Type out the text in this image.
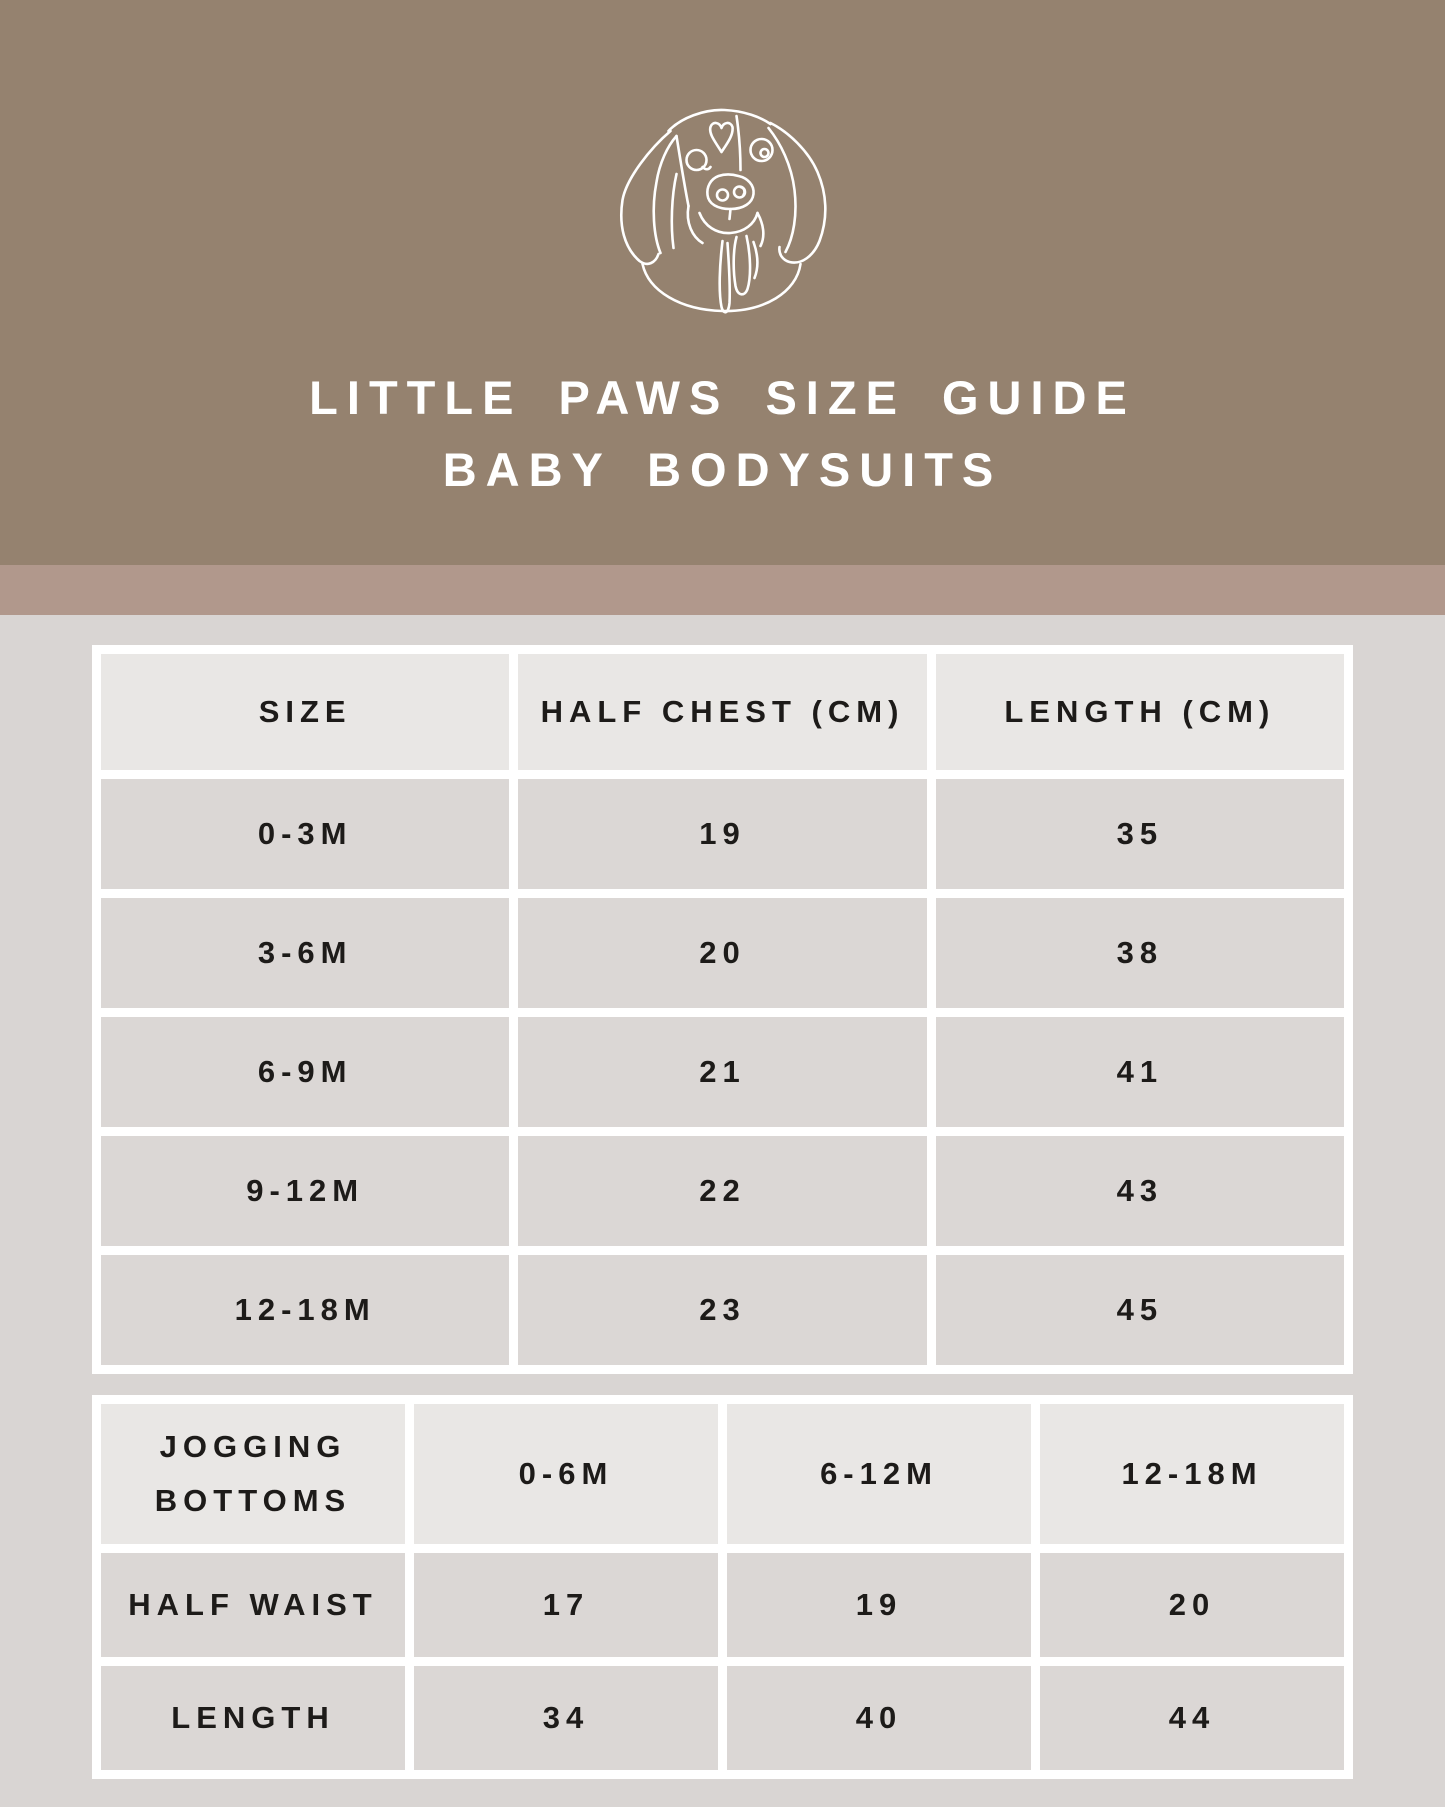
LITTLE PAWS SIZE GUIDE
BABY BODYSUITS
SIZE	HALF CHEST (CM)	LENGTH (CM)
0-3M	19	35
3-6M	20	38
6-9M	21	41
9-12M	22	43
12-18M	23	45
JOGGING BOTTOMS	0-6M	6-12M	12-18M
HALF WAIST	17	19	20
LENGTH	34	40	44
